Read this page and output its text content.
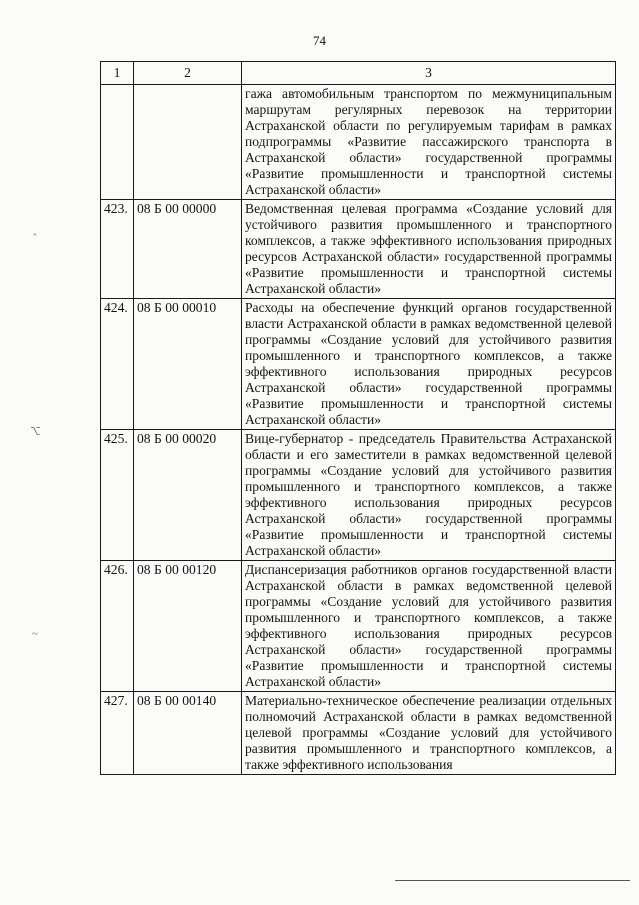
74
‸
⌥
~
1	2	3
		гажа автомобильным транспортом по межмуниципальным маршрутам регулярных перевозок на территории Астраханской области по регулируемым тарифам в рамках подпрограммы «Развитие пассажирского транспорта в Астраханской области» государственной программы «Развитие промышленности и транспортной системы Астраханской области»
423.	08 Б 00 00000	Ведомственная целевая программа «Создание условий для устойчивого развития промышленного и транспортного комплексов, а также эффективного использования природных ресурсов Астраханской области» государственной программы «Развитие промышленности и транспортной системы Астраханской области»
424.	08 Б 00 00010	Расходы на обеспечение функций органов государственной власти Астраханской области в рамках ведомственной целевой программы «Создание условий для устойчивого развития промышленного и транспортного комплексов, а также эффективного использования природных ресурсов Астраханской области» государственной программы «Развитие промышленности и транспортной системы Астраханской области»
425.	08 Б 00 00020	Вице-губернатор - председатель Правительства Астраханской области и его заместители в рамках ведомственной целевой программы «Создание условий для устойчивого развития промышленного и транспортного комплексов, а также эффективного использования природных ресурсов Астраханской области» государственной программы «Развитие промышленности и транспортной системы Астраханской области»
426.	08 Б 00 00120	Диспансеризация работников органов государственной власти Астраханской области в рамках ведомственной целевой программы «Создание условий для устойчивого развития промышленного и транспортного комплексов, а также эффективного использования природных ресурсов Астраханской области» государственной программы «Развитие промышленности и транспортной системы Астраханской области»
427.	08 Б 00 00140	Материально-техническое обеспечение реализации отдельных полномочий Астраханской области в рамках ведомственной целевой программы «Создание условий для устойчивого развития промышленного и транспортного комплексов, а также эффективного использования
